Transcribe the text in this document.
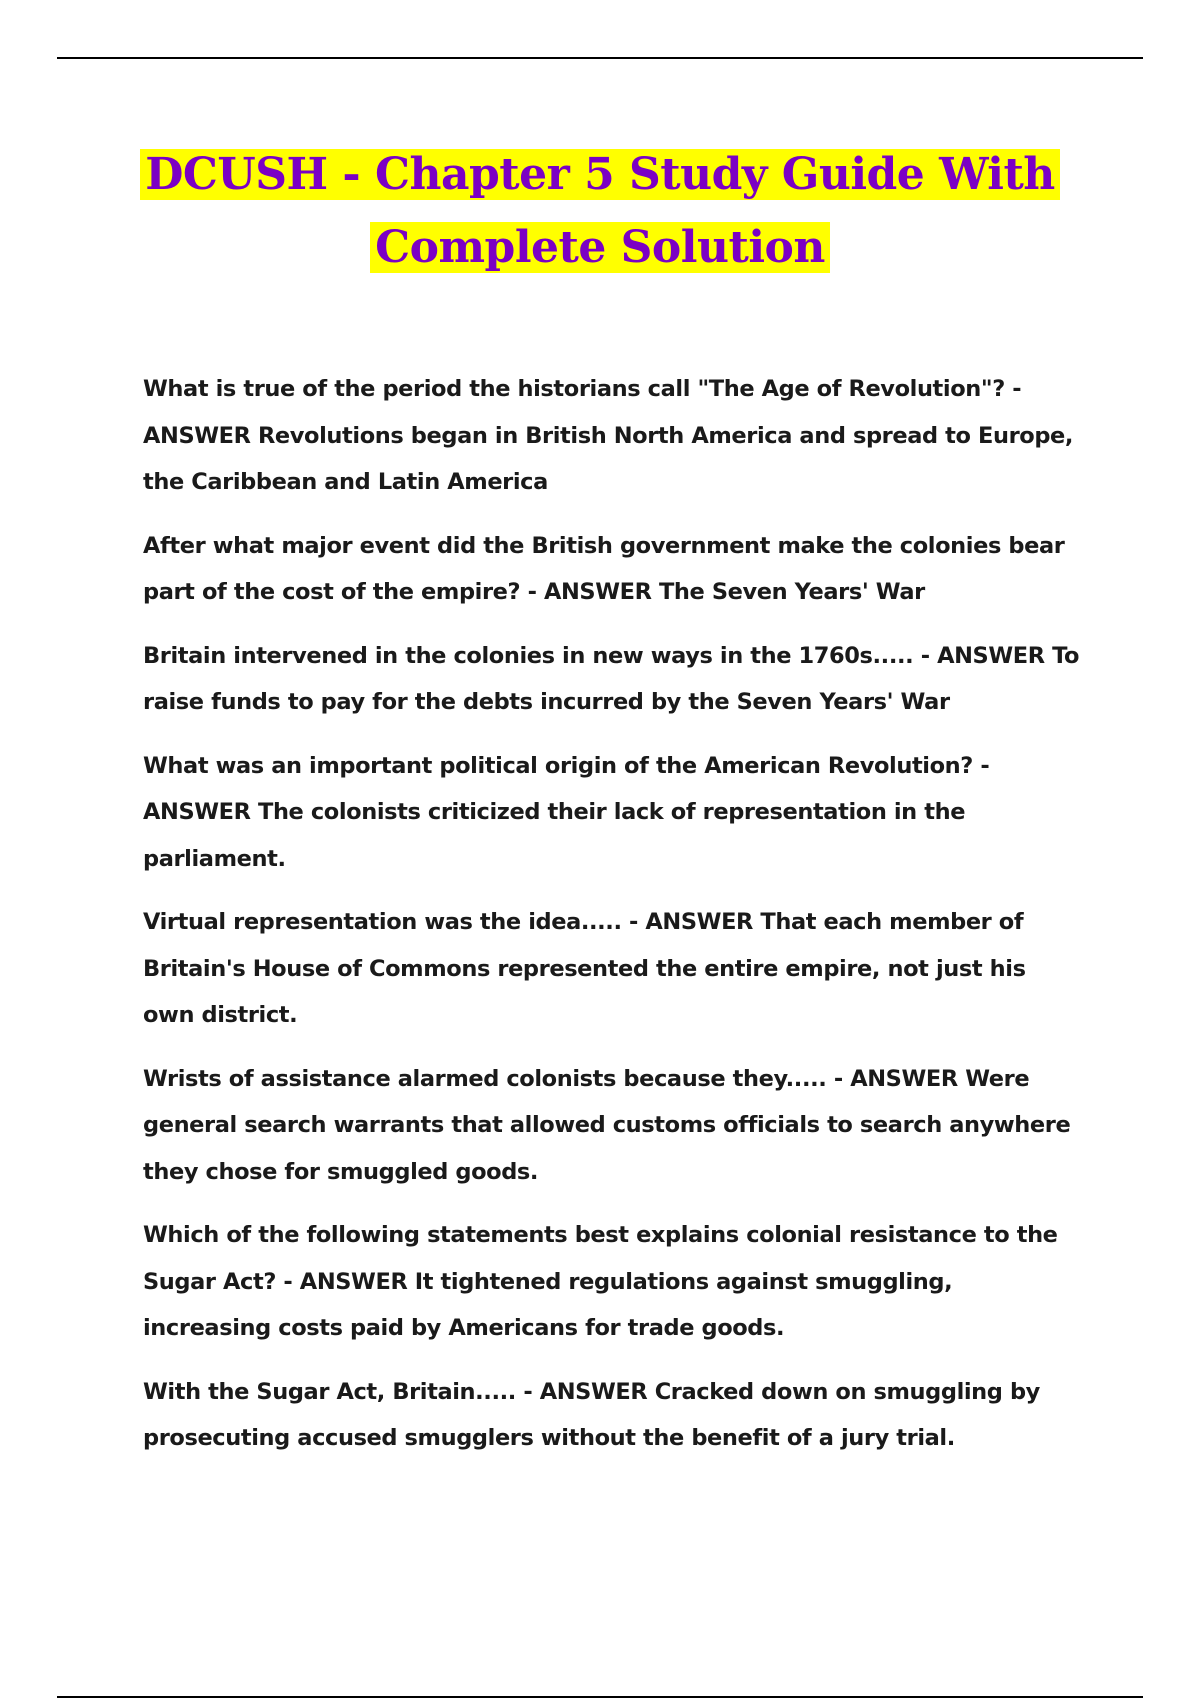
DCUSH - Chapter 5 Study Guide With Complete Solution

What is true of the period the historians call "The Age of Revolution"? - ANSWER Revolutions began in British North America and spread to Europe, the Caribbean and Latin America

After what major event did the British government make the colonies bear part of the cost of the empire? - ANSWER The Seven Years' War

Britain intervened in the colonies in new ways in the 1760s..... - ANSWER To raise funds to pay for the debts incurred by the Seven Years' War

What was an important political origin of the American Revolution? - ANSWER The colonists criticized their lack of representation in the parliament.

Virtual representation was the idea..... - ANSWER That each member of Britain's House of Commons represented the entire empire, not just his own district.

Wrists of assistance alarmed colonists because they..... - ANSWER Were general search warrants that allowed customs officials to search anywhere they chose for smuggled goods.

Which of the following statements best explains colonial resistance to the Sugar Act? - ANSWER It tightened regulations against smuggling, increasing costs paid by Americans for trade goods.

With the Sugar Act, Britain..... - ANSWER Cracked down on smuggling by prosecuting accused smugglers without the benefit of a jury trial.
